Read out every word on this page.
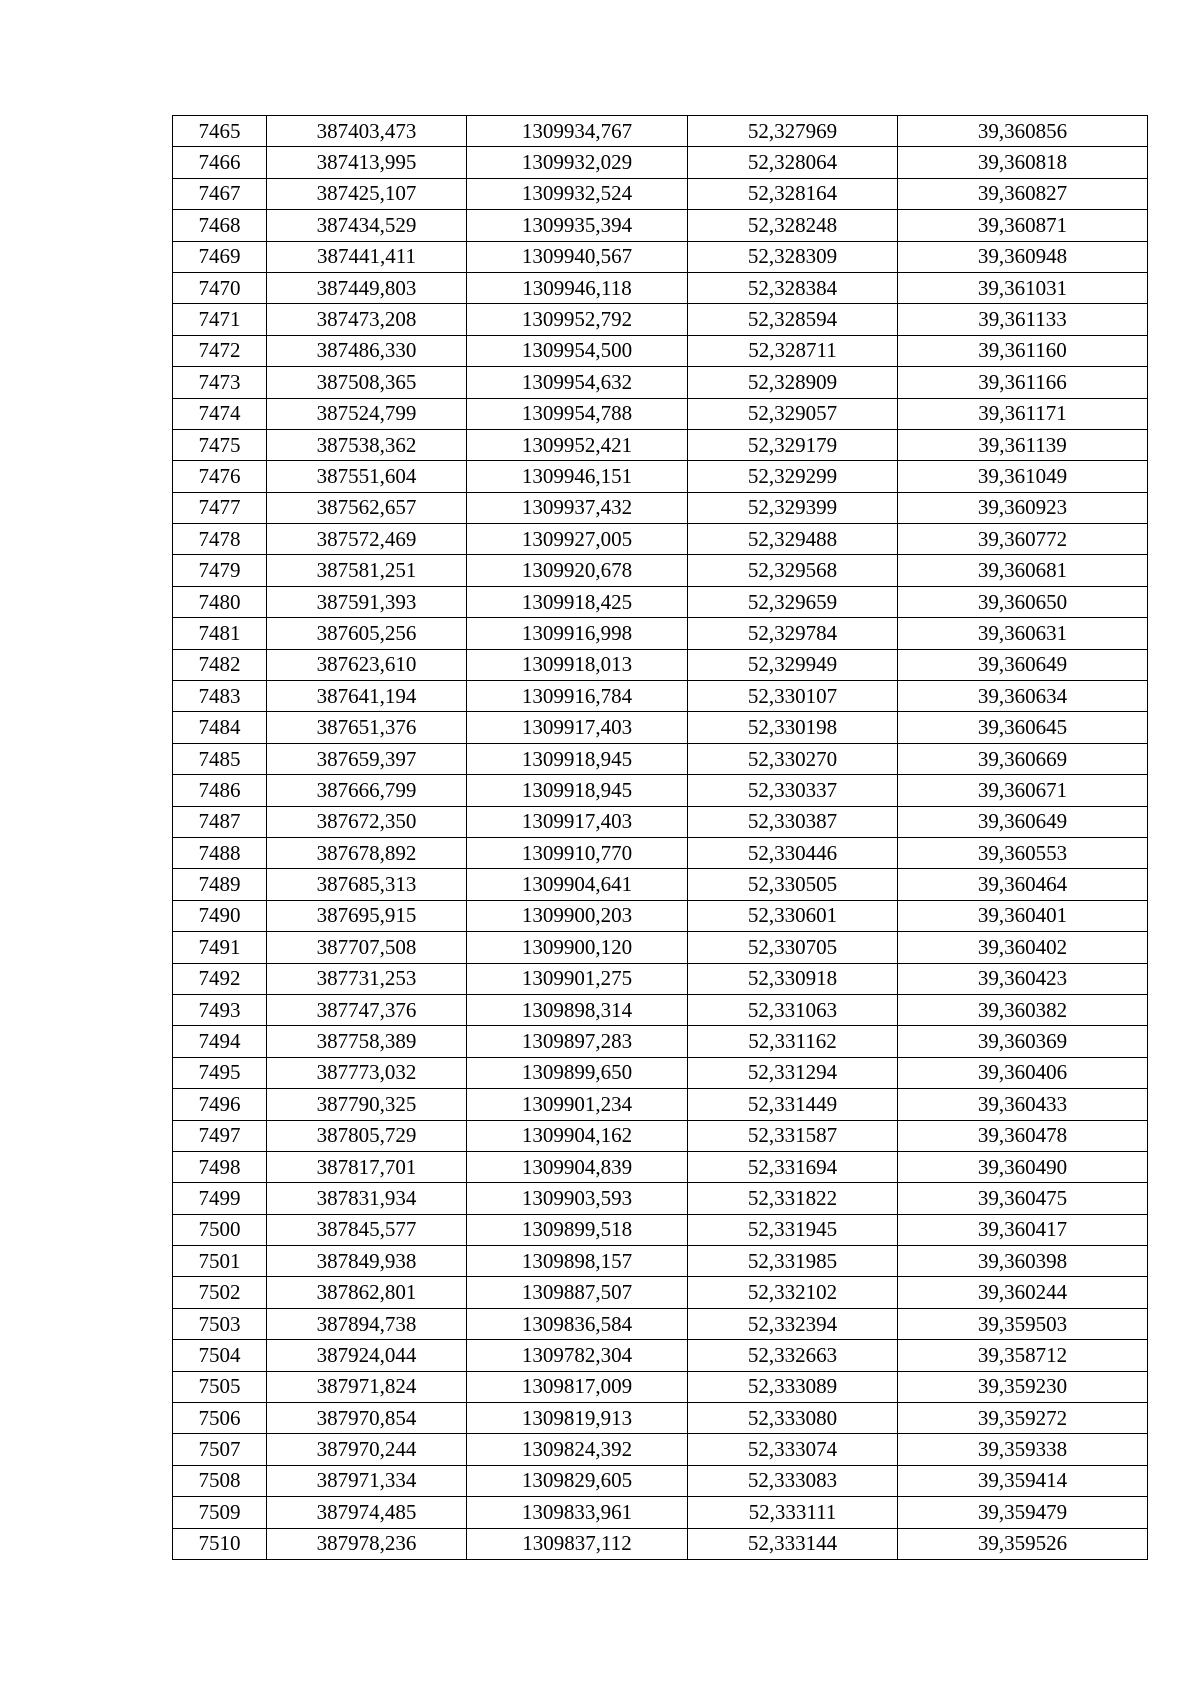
7465	387403,473	1309934,767	52,327969	39,360856
7466	387413,995	1309932,029	52,328064	39,360818
7467	387425,107	1309932,524	52,328164	39,360827
7468	387434,529	1309935,394	52,328248	39,360871
7469	387441,411	1309940,567	52,328309	39,360948
7470	387449,803	1309946,118	52,328384	39,361031
7471	387473,208	1309952,792	52,328594	39,361133
7472	387486,330	1309954,500	52,328711	39,361160
7473	387508,365	1309954,632	52,328909	39,361166
7474	387524,799	1309954,788	52,329057	39,361171
7475	387538,362	1309952,421	52,329179	39,361139
7476	387551,604	1309946,151	52,329299	39,361049
7477	387562,657	1309937,432	52,329399	39,360923
7478	387572,469	1309927,005	52,329488	39,360772
7479	387581,251	1309920,678	52,329568	39,360681
7480	387591,393	1309918,425	52,329659	39,360650
7481	387605,256	1309916,998	52,329784	39,360631
7482	387623,610	1309918,013	52,329949	39,360649
7483	387641,194	1309916,784	52,330107	39,360634
7484	387651,376	1309917,403	52,330198	39,360645
7485	387659,397	1309918,945	52,330270	39,360669
7486	387666,799	1309918,945	52,330337	39,360671
7487	387672,350	1309917,403	52,330387	39,360649
7488	387678,892	1309910,770	52,330446	39,360553
7489	387685,313	1309904,641	52,330505	39,360464
7490	387695,915	1309900,203	52,330601	39,360401
7491	387707,508	1309900,120	52,330705	39,360402
7492	387731,253	1309901,275	52,330918	39,360423
7493	387747,376	1309898,314	52,331063	39,360382
7494	387758,389	1309897,283	52,331162	39,360369
7495	387773,032	1309899,650	52,331294	39,360406
7496	387790,325	1309901,234	52,331449	39,360433
7497	387805,729	1309904,162	52,331587	39,360478
7498	387817,701	1309904,839	52,331694	39,360490
7499	387831,934	1309903,593	52,331822	39,360475
7500	387845,577	1309899,518	52,331945	39,360417
7501	387849,938	1309898,157	52,331985	39,360398
7502	387862,801	1309887,507	52,332102	39,360244
7503	387894,738	1309836,584	52,332394	39,359503
7504	387924,044	1309782,304	52,332663	39,358712
7505	387971,824	1309817,009	52,333089	39,359230
7506	387970,854	1309819,913	52,333080	39,359272
7507	387970,244	1309824,392	52,333074	39,359338
7508	387971,334	1309829,605	52,333083	39,359414
7509	387974,485	1309833,961	52,333111	39,359479
7510	387978,236	1309837,112	52,333144	39,359526
